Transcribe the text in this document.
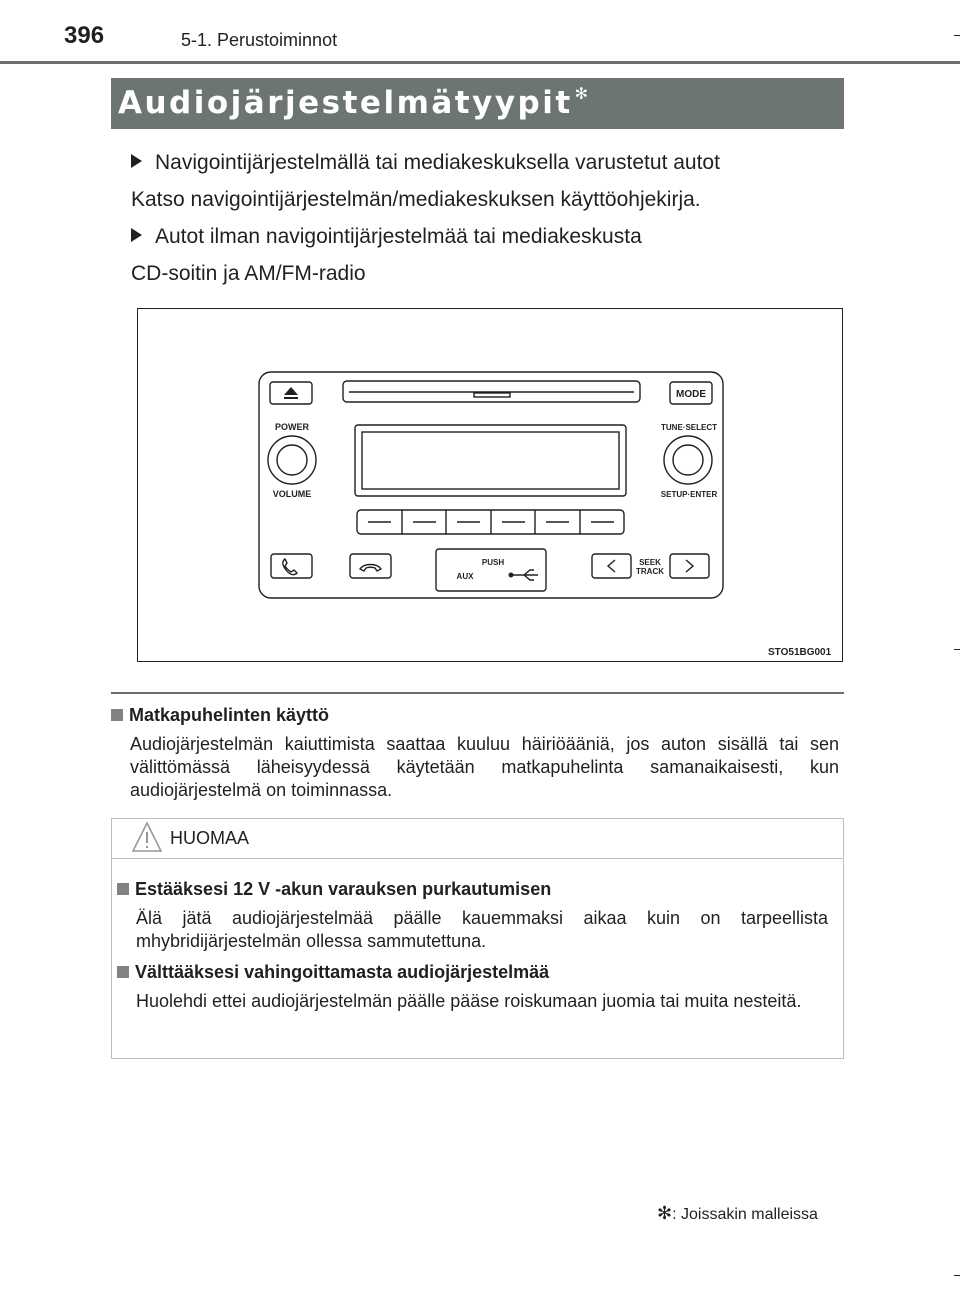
396	5-1. Perustoiminnot
Audiojärjestelmätyypit ✻
Navigointijärjestelmällä tai mediakeskuksella varustetut autot
Katso navigointijärjestelmän/mediakeskuksen käyttöohjekirja.
Autot ilman navigointijärjestelmää tai mediakeskusta
CD-soitin ja AM/FM-radio
MODE
POWER
VOLUME
TUNE·SELECT
SETUP·ENTER
PUSH
AUX
SEEK
TRACK
STO51BG001
Matkapuhelinten käyttö
Audiojärjestelmän kaiuttimista saattaa kuuluu häiriöääniä, jos auton sisällä tai sen välittömässä läheisyydessä käytetään matkapuhelinta samanaikaisesti, kun audiojärjestelmä on toiminnassa.
HUOMAA
Estääksesi 12 V -akun varauksen purkautumisen
Älä jätä audiojärjestelmää päälle kauemmaksi aikaa kuin on tarpeellista mhybridijärjestelmän ollessa sammutettuna.
Välttääksesi vahingoittamasta audiojärjestelmää
Huolehdi ettei audiojärjestelmän päälle pääse roiskumaan juomia tai muita nesteitä.
✻: Joissakin malleissa
